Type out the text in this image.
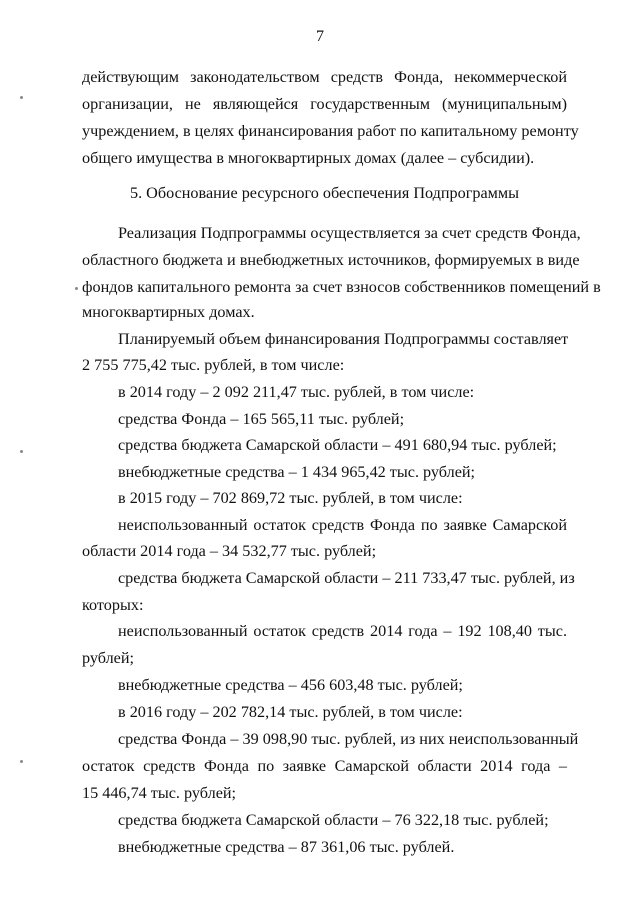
7
действующим законодательством средств Фонда, некоммерческой
организации, не являющейся государственным (муниципальным)
учреждением, в целях финансирования работ по капитальному ремонту
общего имущества в многоквартирных домах (далее – субсидии).
5. Обоснование ресурсного обеспечения Подпрограммы
Реализация Подпрограммы осуществляется за счет средств Фонда,
областного бюджета и внебюджетных источников, формируемых в виде
фондов капитального ремонта за счет взносов собственников помещений в
многоквартирных домах.
Планируемый объем финансирования Подпрограммы составляет
2 755 775,42 тыс. рублей, в том числе:
в 2014 году – 2 092 211,47 тыс. рублей, в том числе:
средства Фонда – 165 565,11 тыс. рублей;
средства бюджета Самарской области – 491 680,94 тыс. рублей;
внебюджетные средства – 1 434 965,42 тыс. рублей;
в 2015 году – 702 869,72 тыс. рублей, в том числе:
неиспользованный остаток средств Фонда по заявке Самарской
области 2014 года – 34 532,77 тыс. рублей;
средства бюджета Самарской области – 211 733,47 тыс. рублей, из
которых:
неиспользованный остаток средств 2014 года – 192 108,40 тыс.
рублей;
внебюджетные средства – 456 603,48 тыс. рублей;
в 2016 году – 202 782,14 тыс. рублей, в том числе:
средства Фонда – 39 098,90 тыс. рублей, из них неиспользованный
остаток средств Фонда по заявке Самарской области 2014 года –
15 446,74 тыс. рублей;
средства бюджета Самарской области – 76 322,18 тыс. рублей;
внебюджетные средства – 87 361,06 тыс. рублей.
